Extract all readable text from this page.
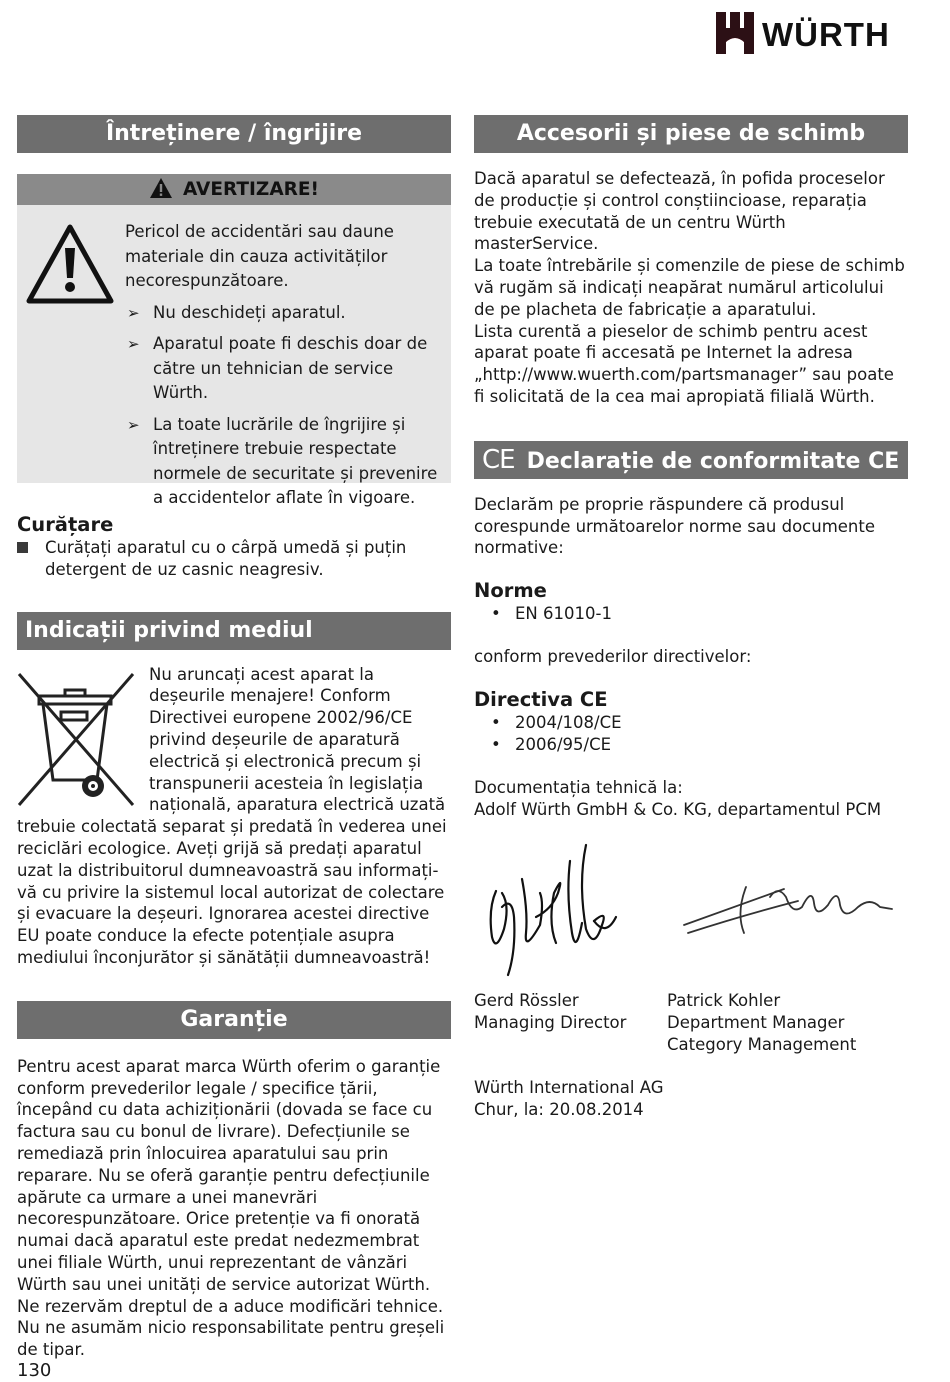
WÜRTH
Întreținere / îngrijire
AVERTIZARE!

Pericol de accidentări sau daune materiale din cauza activităților necorespunzătoare.

➢ Nu deschideți aparatul.
➢ Aparatul poate fi deschis doar de către un tehnician de service Würth.
➢ La toate lucrările de îngrijire și întreținere trebuie respectate normele de securitate și prevenire a accidentelor aflate în vigoare.

Curățare

Curățați aparatul cu o cârpă umedă și puțin detergent de uz casnic neagresiv.
Indicații privind mediul înconjurător

Nu aruncați acest aparat la deșeurile menajere! Conform Directivei europene 2002/96/CE privind deșeurile de aparatură electrică și electronică precum și transpunerii acesteia în legislația națională, aparatura electrică uzată trebuie colectată separat și predată în vederea unei reciclări ecologice. Aveți grijă să predați aparatul uzat la distribuitorul dumneavoastră sau informați-vă cu privire la sistemul local autorizat de colectare și evacuare la deșeuri. Ignorarea acestei directive EU poate conduce la efecte potențiale asupra mediului înconjurător și sănătății dumneavoastră!

Garanție

Pentru acest aparat marca Würth oferim o garanție conform prevederilor legale / specifice țării, începând cu data achiziționării (dovada se face cu factura sau cu bonul de livrare). Defecțiunile se remediază prin înlocuirea aparatului sau prin reparare. Nu se oferă garanție pentru defecțiunile apărute ca urmare a unei manevrări necorespunzătoare. Orice pretenție va fi onorată numai dacă aparatul este predat nedezmembrat unei filiale Würth, unui reprezentant de vânzări Würth sau unei unități de service autorizat Würth. Ne rezervăm dreptul de a aduce modificări tehnice. Nu ne asumăm nicio responsabilitate pentru greșeli de tipar.

Accesorii și piese de schimb

Dacă aparatul se defectează, în pofida proceselor de producție și control conștiincioase, reparația trebuie executată de un centru Würth masterService.

La toate întrebările și comenzile de piese de schimb vă rugăm să indicați neapărat numărul articolului de pe placheta de fabricație a aparatului.

Lista curentă a pieselor de schimb pentru acest aparat poate fi accesată pe Internet la adresa „http://www.wuerth.com/partsmanager” sau poate fi solicitată de la cea mai apropiată filială Würth.

CE Declarație de conformitate CE

Declarăm pe proprie răspundere că produsul corespunde următoarelor norme sau documente normative:

Norme

• EN 61010-1

conform prevederilor directivelor:

Directiva CE

• 2004/108/CE
• 2006/95/CE

Documentația tehnică la:

Adolf Würth GmbH & Co. KG, departamentul PCM

Gerd Rössler

Managing Director

Patrick Kohler

Department Manager

Category Management

Würth International AG

Chur, la: 20.08.2014

130
